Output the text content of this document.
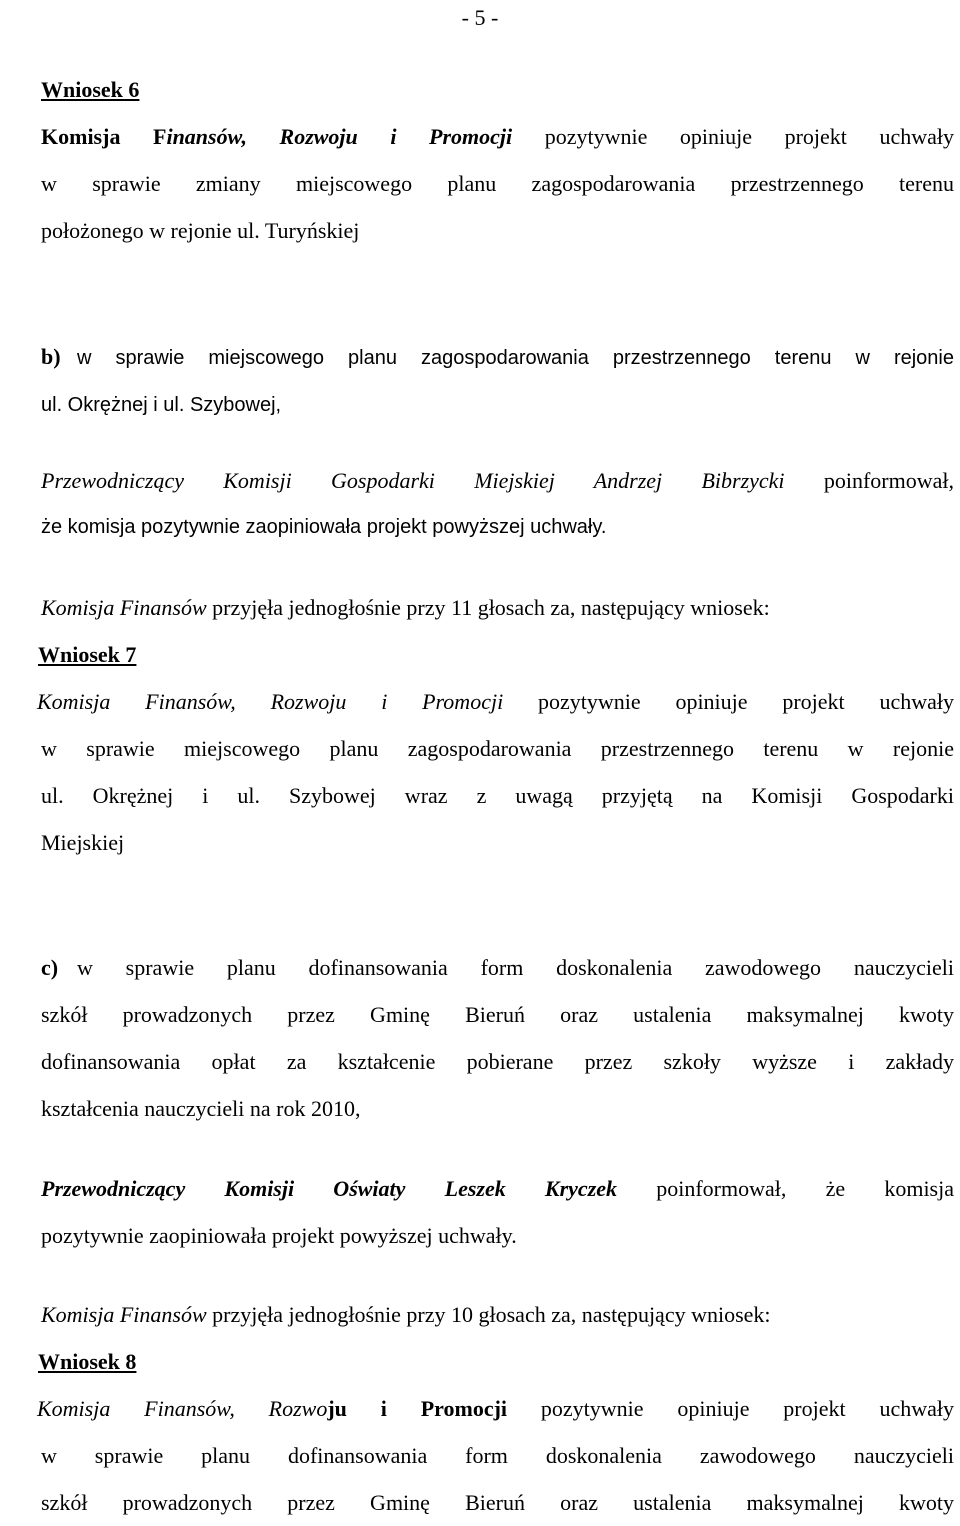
- 5 -
Wniosek 6
Komisja Finansów, Rozwoju i Promocji pozytywnie opiniuje projekt uchwały
w sprawie zmiany miejscowego planu zagospodarowania przestrzennego terenu
położonego w rejonie ul. Turyńskiej
b) w sprawie miejscowego planu zagospodarowania przestrzennego terenu w rejonie
ul. Okrężnej i ul. Szybowej,
Przewodniczący Komisji Gospodarki Miejskiej Andrzej Bibrzycki poinformował,
że komisja pozytywnie zaopiniowała projekt powyższej uchwały.
Komisja Finansów przyjęła jednogłośnie przy 11 głosach za, następujący wniosek:
Wniosek 7
Komisja Finansów, Rozwoju i Promocji pozytywnie opiniuje projekt uchwały
w sprawie miejscowego planu zagospodarowania przestrzennego terenu w rejonie
ul. Okrężnej i ul. Szybowej wraz z uwagą przyjętą na Komisji Gospodarki
Miejskiej
c) w sprawie planu dofinansowania form doskonalenia zawodowego nauczycieli
szkół prowadzonych przez Gminę Bieruń oraz ustalenia maksymalnej kwoty
dofinansowania opłat za kształcenie pobierane przez szkoły wyższe i zakłady
kształcenia nauczycieli na rok 2010,
Przewodniczący Komisji Oświaty Leszek Kryczek poinformował, że komisja
pozytywnie zaopiniowała projekt powyższej uchwały.
Komisja Finansów przyjęła jednogłośnie przy 10 głosach za, następujący wniosek:
Wniosek 8
Komisja Finansów, Rozwoju i Promocji pozytywnie opiniuje projekt uchwały
w sprawie planu dofinansowania form doskonalenia zawodowego nauczycieli
szkół prowadzonych przez Gminę Bieruń oraz ustalenia maksymalnej kwoty
